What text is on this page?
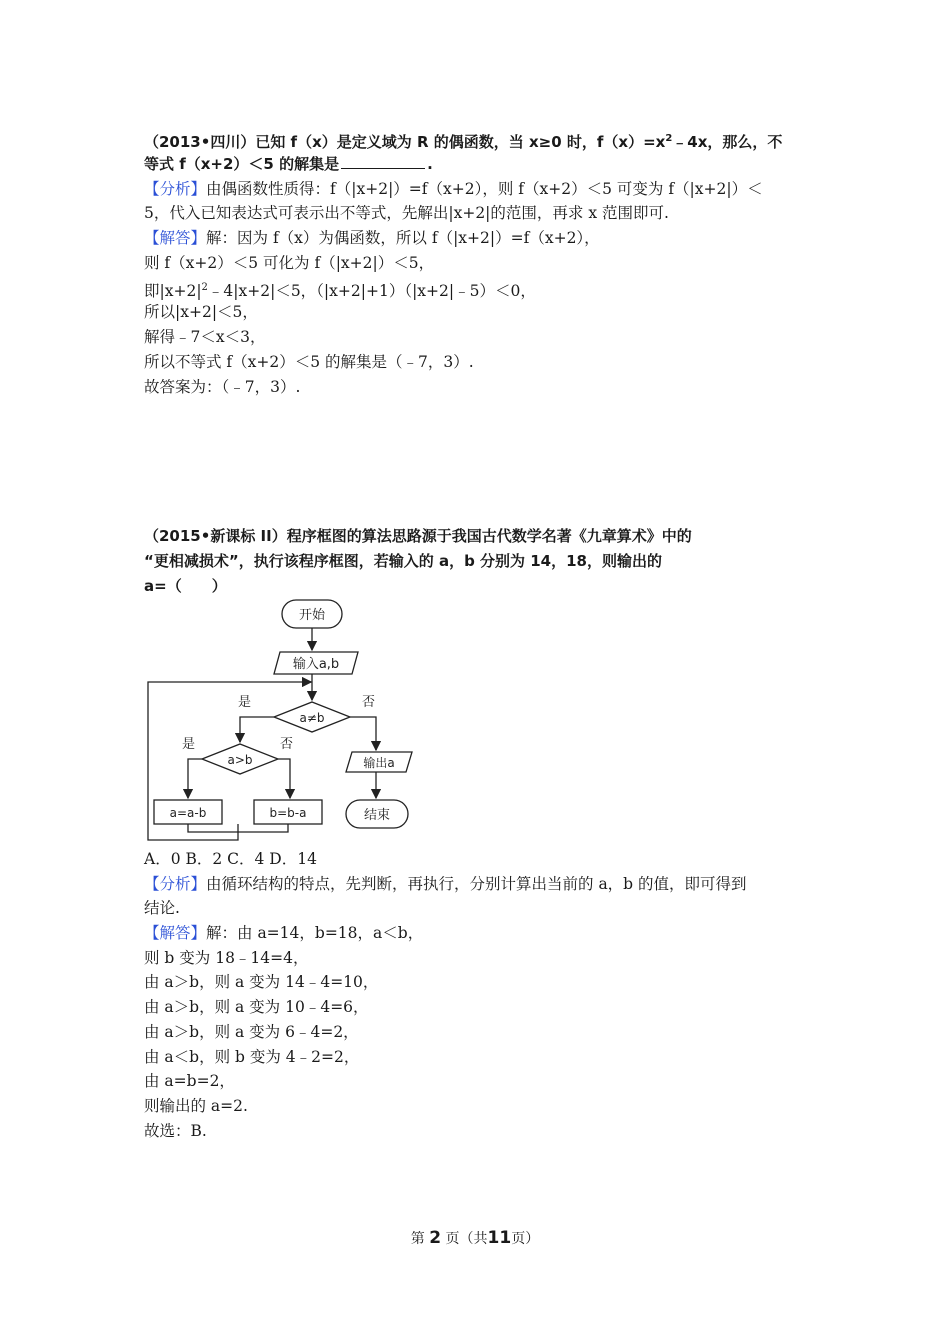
（2013•四川）已知 f（x）是定义域为 R 的偶函数，当 x≥0 时，$f(x)=x^2﹣4x$，那么，不
等式 f（x+2）＜5 的解集是	.
【分析】由偶函数性质得：f（|x+2|）=f（x+2），则 f（x+2）＜5 可变为 f（|x+2|）＜
5，代入已知表达式可表示出不等式，先解出|x+2|的范围，再求 x 范围即可.
【解答】解：因为 f（x）为偶函数，所以 f（|x+2|）=f（x+2），
则 f（x+2）＜5 可化为 f（|x+2|）＜5，
即$|x+2|^2﹣4|x+2|<5$，（|x+2|+1）（|x+2|﹣5）＜0，
所以|x+2|＜5，
解得﹣7＜x＜3，
所以不等式 f（x+2）＜5 的解集是（﹣7，3）.
故答案为：（﹣7，3）.
（2015•新课标 II）程序框图的算法思路源于我国古代数学名著《九章算术》中的
“更相减损术”，执行该程序框图，若输入的 a，b 分别为 14，18，则输出的
a=（　　）
开始
输入a,b
a≠b
a>b
是	否
是	否
a=a-b	b=b-a
输出a
结束
A．0 B．2 C．4 D．14
【分析】由循环结构的特点，先判断，再执行，分别计算出当前的 a，b 的值，即可得到
结论.
【解答】解：由 a=14，b=18，a＜b，
则 b 变为 18﹣14=4，
由 a＞b，则 a 变为 14﹣4=10，
由 a＞b，则 a 变为 10﹣4=6，
由 a＞b，则 a 变为 6﹣4=2，
由 a＜b，则 b 变为 4﹣2=2，
由 a=b=2，
则输出的 a=2.
故选：B.
第 2 页（共11页）
